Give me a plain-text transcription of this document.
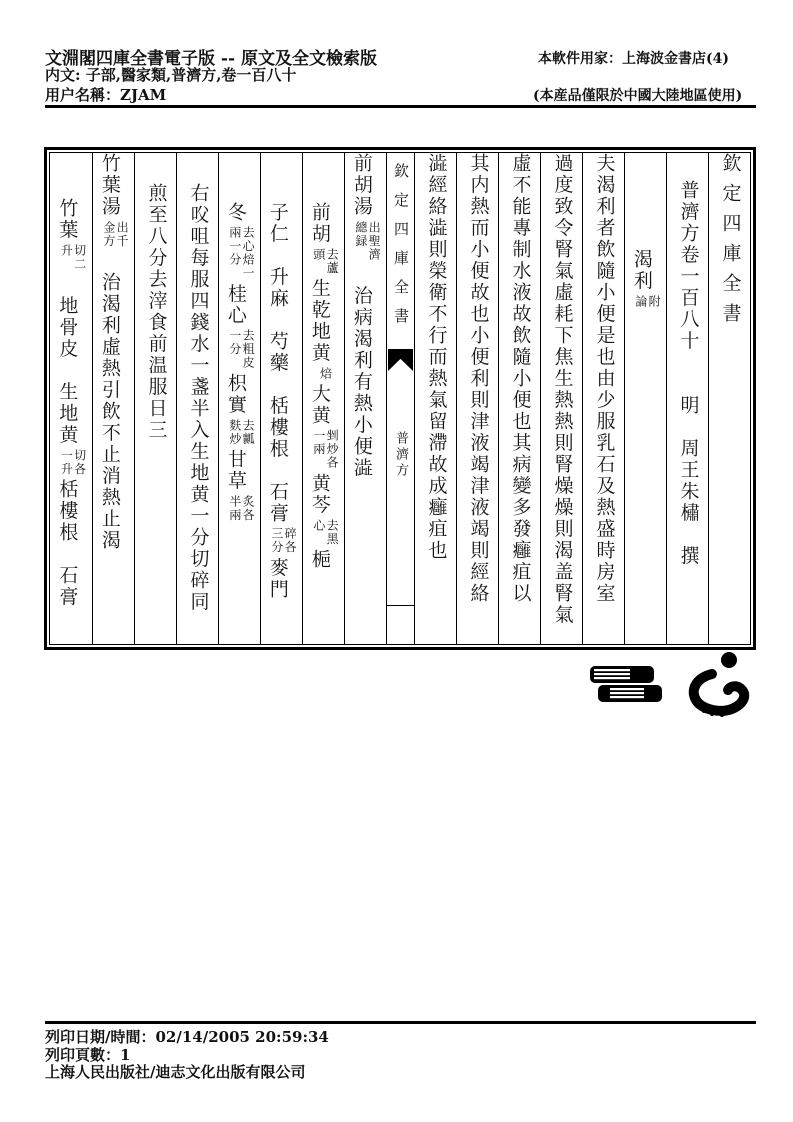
文淵閣四庫全書電子版 -- 原文及全文檢索版	本軟件用家：上海波金書店(4)
内文: 子部,醫家類,普濟方,卷一百八十
用户名稱：ZJAM	(本産品僅限於中國大陸地區使用)
欽定四庫全書
普濟方卷一百八十　　明　周王朱橚　撰
渴利
附
論
夫渴利者飲隨小便是也由少服乳石及熱盛時房室
過度致令腎氣虛耗下焦生熱熱則腎燥燥則渴盖腎氣
虛不能專制水液故飲隨小便也其病變多發癰疽以
其内熱而小便故也小便利則津液竭津液竭則經絡
澁經絡澁則榮衛不行而熱氣留滯故成癰疽也
欽定四庫全書
普濟方
前胡湯
出聖濟
總録
　治病渴利有熱小便澁
前胡
去蘆
頭
生乾地黄
焙
大黄
剉炒各
一兩
黄芩
去黑
心
梔
子仁　升麻　芍藥　栝樓根　石膏
碎各
三分
麥門
冬
去心焙一
兩一分
桂心
去粗皮
一分
枳實
去瓤
麩炒
甘草
炙各
半兩
右㕮咀每服四錢水一盞半入生地黄一分切碎同
煎至八分去滓食前温服日三
竹葉湯
出千
金方
　治渴利虛熱引飲不止消熱止渴
竹葉
切二
升
　地骨皮　生地黄
切各
一升
栝樓根　石膏
列印日期/時間：02/14/2005 20:59:34
列印頁數：1
上海人民出版社/迪志文化出版有限公司
